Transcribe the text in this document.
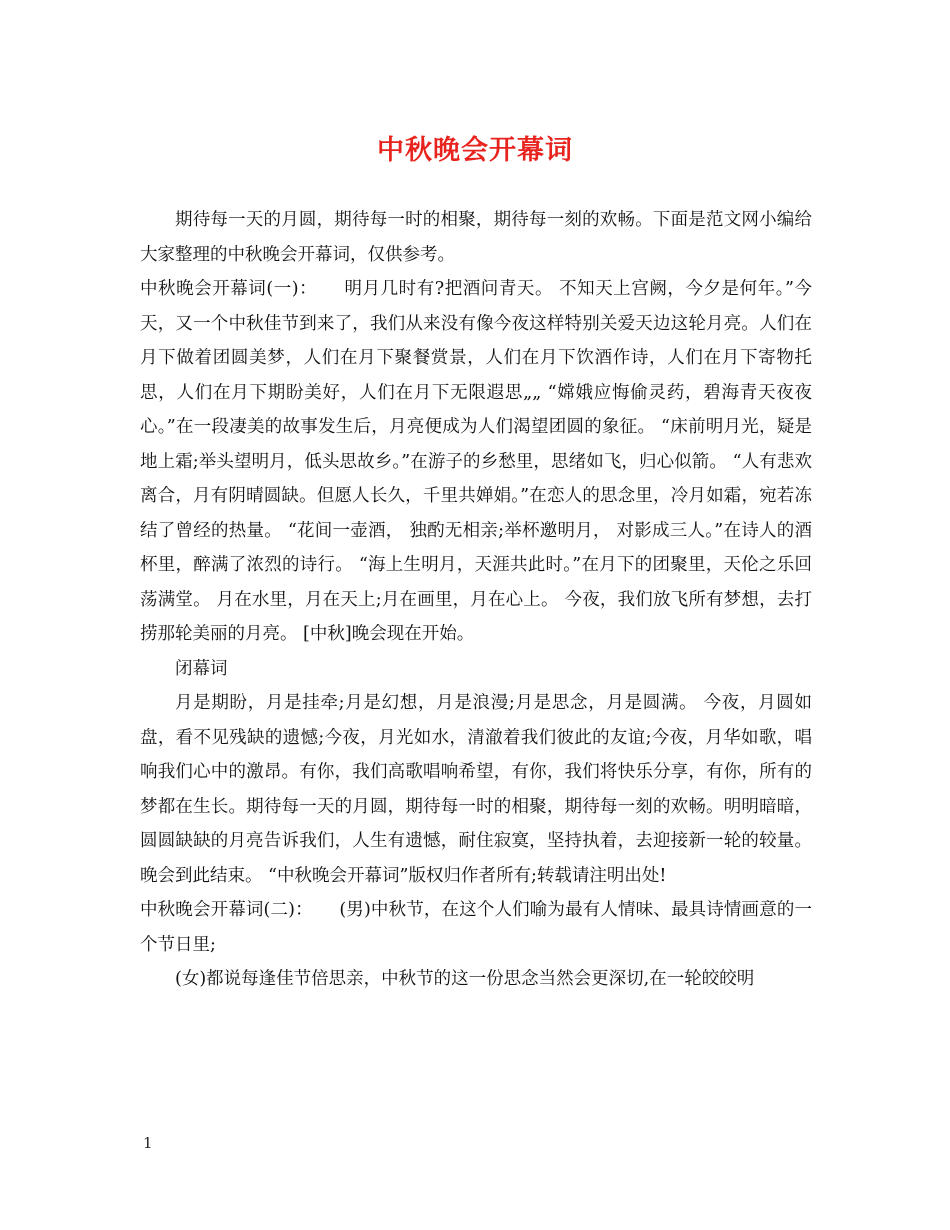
中秋晚会开幕词

期待每一天的月圆，期待每一时的相聚，期待每一刻的欢畅。下面是范文网小编给大家整理的中秋晚会开幕词，仅供参考。

中秋晚会开幕词(一)：　　明月几时有?把酒问青天。 不知天上宫阙，今夕是何年。”今天，又一个中秋佳节到来了，我们从来没有像今夜这样特别关爱天边这轮月亮。人们在月下做着团圆美梦，人们在月下聚餐赏景，人们在月下饮酒作诗，人们在月下寄物托思，人们在月下期盼美好，人们在月下无限遐思„„ “嫦娥应悔偷灵药，碧海青天夜夜心。”在一段凄美的故事发生后，月亮便成为人们渴望团圆的象征。 “床前明月光，疑是地上霜;举头望明月，低头思故乡。”在游子的乡愁里，思绪如飞，归心似箭。 “人有悲欢离合，月有阴晴圆缺。但愿人长久，千里共婵娟。”在恋人的思念里，冷月如霜，宛若冻结了曾经的热量。 “花间一壶酒， 独酌无相亲;举杯邀明月， 对影成三人。”在诗人的酒杯里，醉满了浓烈的诗行。 “海上生明月，天涯共此时。”在月下的团聚里，天伦之乐回荡满堂。 月在水里，月在天上;月在画里，月在心上。 今夜，我们放飞所有梦想，去打捞那轮美丽的月亮。 [中秋]晚会现在开始。

闭幕词

月是期盼，月是挂牵;月是幻想，月是浪漫;月是思念，月是圆满。 今夜，月圆如盘，看不见残缺的遗憾;今夜，月光如水，清澈着我们彼此的友谊;今夜，月华如歌，唱响我们心中的激昂。有你，我们高歌唱响希望，有你，我们将快乐分享，有你，所有的梦都在生长。期待每一天的月圆，期待每一时的相聚，期待每一刻的欢畅。明明暗暗，圆圆缺缺的月亮告诉我们，人生有遗憾，耐住寂寞，坚持执着，去迎接新一轮的较量。 晚会到此结束。 “中秋晚会开幕词”版权归作者所有;转载请注明出处!

中秋晚会开幕词(二)：　　(男)中秋节，在这个人们喻为最有人情味、最具诗情画意的一个节日里;

(女)都说每逢佳节倍思亲，中秋节的这一份思念当然会更深切,在一轮皎皎明

1
